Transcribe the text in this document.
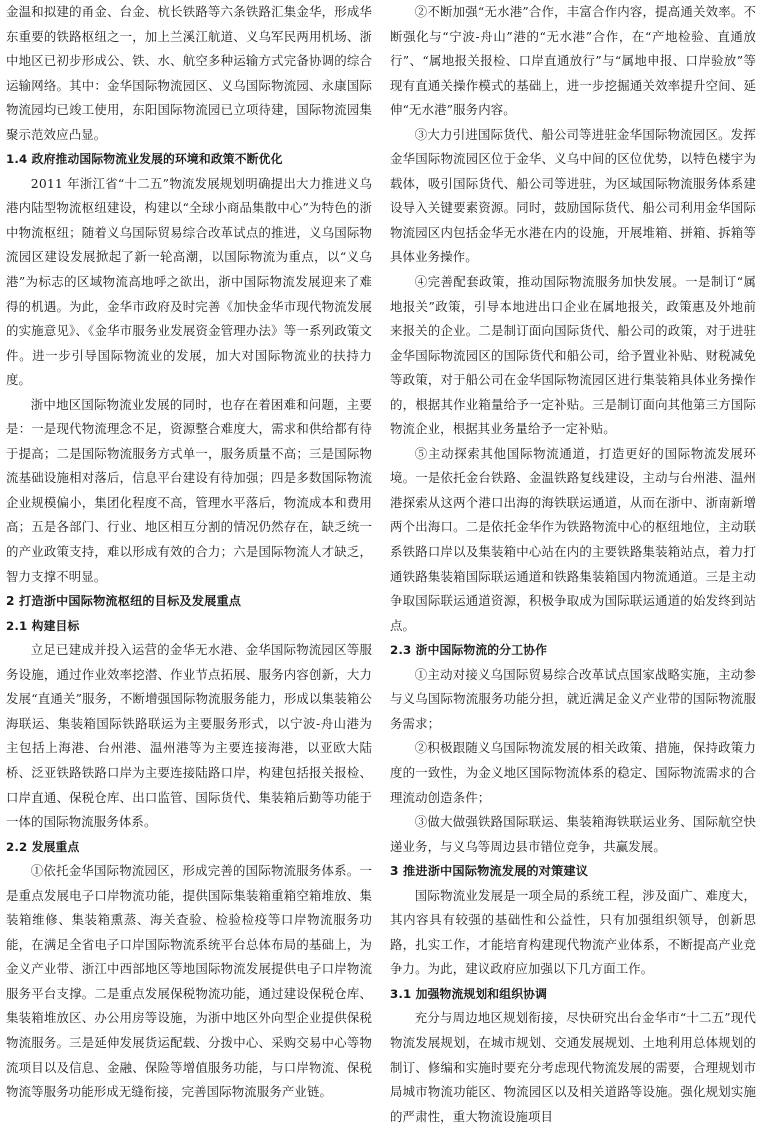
金温和拟建的甬金、台金、杭长铁路等六条铁路汇集金华，形成华东重要的铁路枢纽之一，加上兰溪江航道、义乌军民两用机场、浙中地区已初步形成公、铁、水、航空多种运输方式完备协调的综合运输网络。其中：金华国际物流园区、义乌国际物流园、永康国际物流园均已竣工使用，东阳国际物流园已立项待建，国际物流园集聚示范效应凸显。

1.4 政府推动国际物流业发展的环境和政策不断优化

2011 年浙江省“十二五”物流发展规划明确提出大力推进义乌港内陆型物流枢纽建设，构建以“全球小商品集散中心”为特色的浙中物流枢纽；随着义乌国际贸易综合改革试点的推进，义乌国际物流园区建设发展掀起了新一轮高潮，以国际物流为重点，以“义乌港”为标志的区域物流高地呼之欲出，浙中国际物流发展迎来了难得的机遇。为此，金华市政府及时完善《加快金华市现代物流发展的实施意见》、《金华市服务业发展资金管理办法》等一系列政策文件。进一步引导国际物流业的发展，加大对国际物流业的扶持力度。

浙中地区国际物流业发展的同时，也存在着困难和问题，主要是：一是现代物流理念不足，资源整合难度大，需求和供给都有待于提高；二是国际物流服务方式单一，服务质量不高；三是国际物流基础设施相对落后，信息平台建设有待加强；四是多数国际物流企业规模偏小，集团化程度不高，管理水平落后，物流成本和费用高；五是各部门、行业、地区相互分割的情况仍然存在，缺乏统一的产业政策支持，难以形成有效的合力；六是国际物流人才缺乏，智力支撑不明显。

2 打造浙中国际物流枢纽的目标及发展重点

2.1 构建目标

立足已建成并投入运营的金华无水港、金华国际物流园区等服务设施，通过作业效率挖潜、作业节点拓展、服务内容创新，大力发展“直通关”服务，不断增强国际物流服务能力，形成以集装箱公海联运、集装箱国际铁路联运为主要服务形式，以宁波-舟山港为主包括上海港、台州港、温州港等为主要连接海港，以亚欧大陆桥、泛亚铁路铁路口岸为主要连接陆路口岸，构建包括报关报检、口岸直通、保税仓库、出口监管、国际货代、集装箱后勤等功能于一体的国际物流服务体系。

2.2 发展重点

①依托金华国际物流园区，形成完善的国际物流服务体系。一是重点发展电子口岸物流功能，提供国际集装箱重箱空箱堆放、集装箱维修、集装箱熏蒸、海关查验、检验检疫等口岸物流服务功能，在满足全省电子口岸国际物流系统平台总体布局的基础上，为金义产业带、浙江中西部地区等地国际物流发展提供电子口岸物流服务平台支撑。二是重点发展保税物流功能，通过建设保税仓库、集装箱堆放区、办公用房等设施，为浙中地区外向型企业提供保税物流服务。三是延伸发展货运配载、分拨中心、采购交易中心等物流项目以及信息、金融、保险等增值服务功能，与口岸物流、保税物流等服务功能形成无缝衔接，完善国际物流服务产业链。

②不断加强“无水港”合作，丰富合作内容，提高通关效率。不断强化与“宁波-舟山”港的“无水港”合作，在“产地检验、直通放行”、“属地报关报检、口岸直通放行”与“属地申报、口岸验放”等现有直通关操作模式的基础上，进一步挖掘通关效率提升空间、延伸“无水港”服务内容。

③大力引进国际货代、船公司等进驻金华国际物流园区。发挥金华国际物流园区位于金华、义乌中间的区位优势，以特色楼宇为载体，吸引国际货代、船公司等进驻，为区域国际物流服务体系建设导入关键要素资源。同时，鼓励国际货代、船公司利用金华国际物流园区内包括金华无水港在内的设施，开展堆箱、拼箱、拆箱等具体业务操作。

④完善配套政策，推动国际物流服务加快发展。一是制订“属地报关”政策，引导本地进出口企业在属地报关，政策惠及外地前来报关的企业。二是制订面向国际货代、船公司的政策，对于进驻金华国际物流园区的国际货代和船公司，给予置业补贴、财税减免等政策，对于船公司在金华国际物流园区进行集装箱具体业务操作的，根据其作业箱量给予一定补贴。三是制订面向其他第三方国际物流企业，根据其业务量给予一定补贴。

⑤主动探索其他国际物流通道，打造更好的国际物流发展环境。一是依托金台铁路、金温铁路复线建设，主动与台州港、温州港探索从这两个港口出海的海铁联运通道，从而在浙中、浙南新增两个出海口。二是依托金华作为铁路物流中心的枢纽地位，主动联系铁路口岸以及集装箱中心站在内的主要铁路集装箱站点，着力打通铁路集装箱国际联运通道和铁路集装箱国内物流通道。三是主动争取国际联运通道资源，积极争取成为国际联运通道的始发终到站点。

2.3 浙中国际物流的分工协作

①主动对接义乌国际贸易综合改革试点国家战略实施，主动参与义乌国际物流服务功能分担，就近满足金义产业带的国际物流服务需求；

②积极跟随义乌国际物流发展的相关政策、措施，保持政策力度的一致性，为金义地区国际物流体系的稳定、国际物流需求的合理流动创造条件；

③做大做强铁路国际联运、集装箱海铁联运业务、国际航空快递业务，与义乌等周边县市错位竞争，共赢发展。

3 推进浙中国际物流发展的对策建议

国际物流业发展是一项全局的系统工程，涉及面广、难度大，其内容具有较强的基础性和公益性，只有加强组织领导，创新思路，扎实工作，才能培育构建现代物流产业体系，不断提高产业竞争力。为此，建议政府应加强以下几方面工作。

3.1 加强物流规划和组织协调

充分与周边地区规划衔接，尽快研究出台金华市“十二五”现代物流发展规划，在城市规划、交通发展规划、土地利用总体规划的制订、修编和实施时要充分考虑现代物流发展的需要，合理规划市局城市物流功能区、物流园区以及相关道路等设施。强化规划实施的严肃性，重大物流设施项目
